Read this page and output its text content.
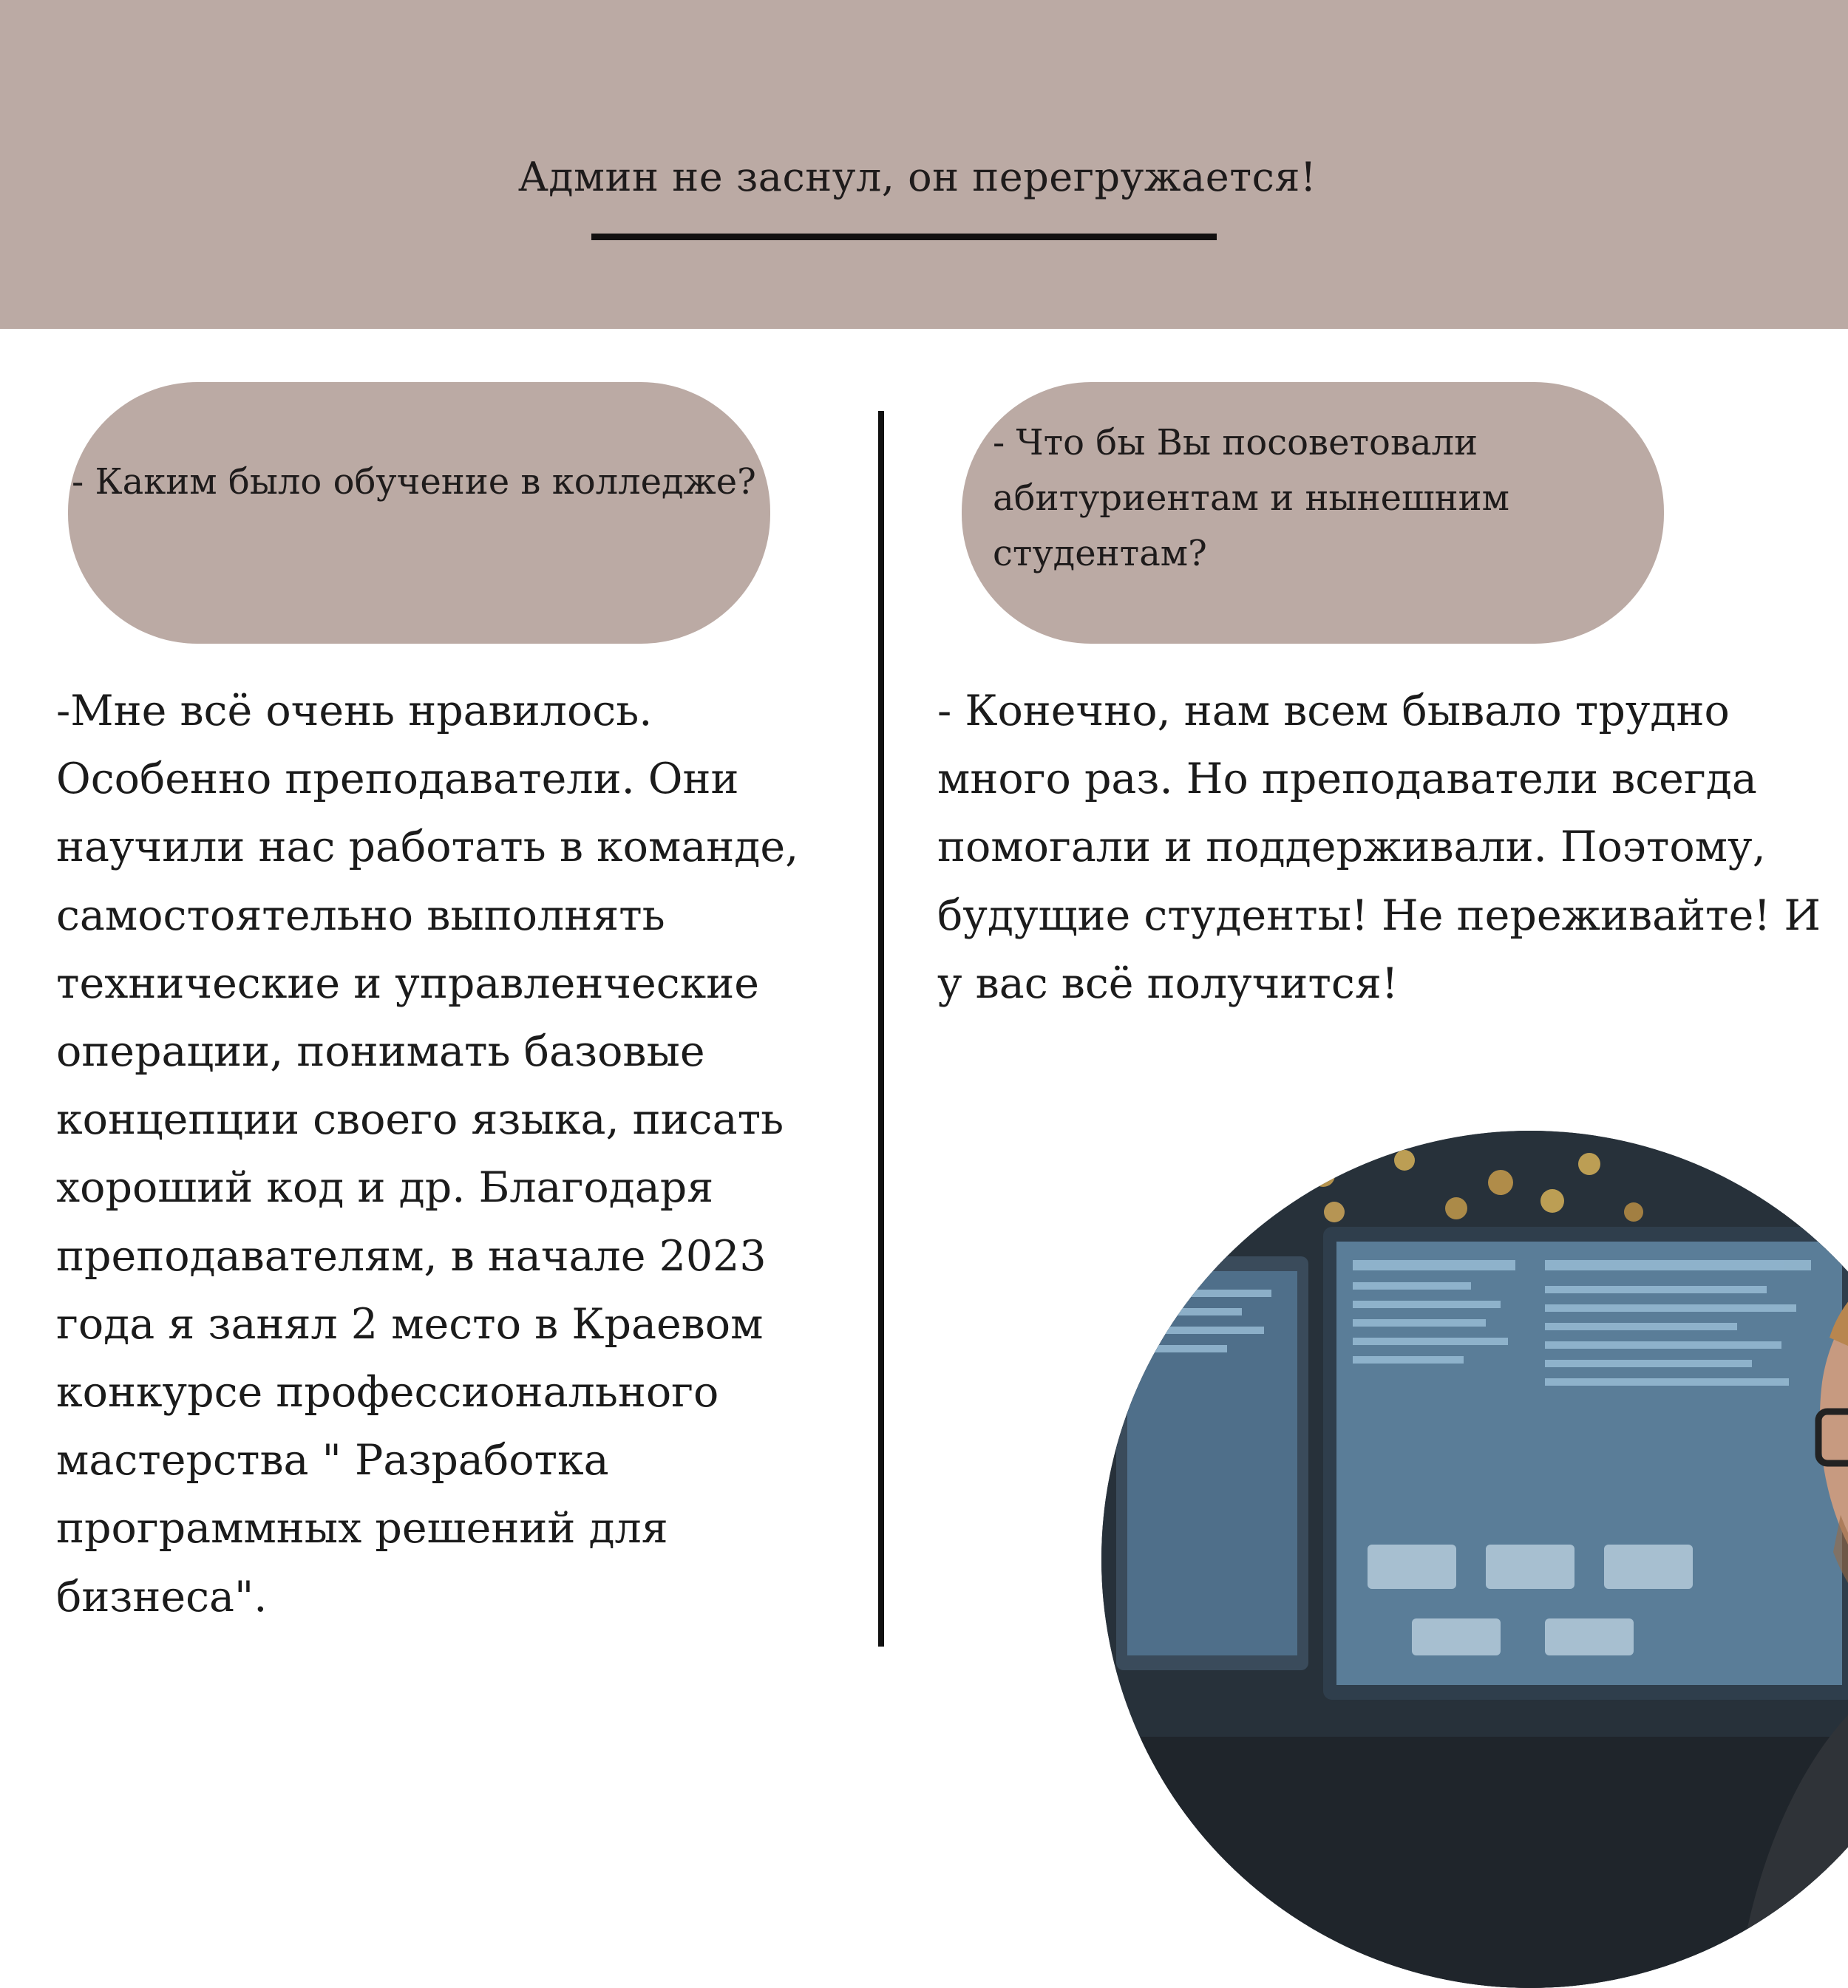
Админ не заснул, он перегружается!
- Каким было обучение в колледже?
- Что бы Вы посоветовали абитуриентам и нынешним студентам?

-Мне всё очень нравилось. Особенно преподаватели. Они научили нас работать в команде, самостоятельно выполнять технические и управленческие операции, понимать базовые концепции своего языка, писать хороший код и др. Благодаря преподавателям, в начале 2023 года я занял 2 место в Краевом конкурсе профессионального мастерства " Разработка программных решений для бизнеса".

- Конечно, нам всем бывало трудно много раз. Но преподаватели всегда помогали и поддерживали. Поэтому, будущие студенты! Не переживайте! И у вас всё получится!
